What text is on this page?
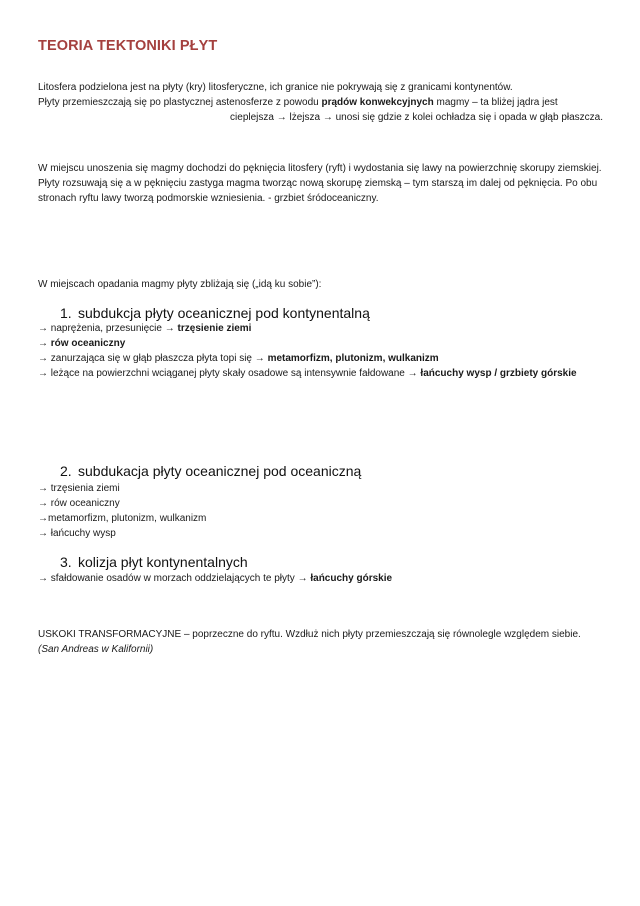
TEORIA TEKTONIKI PŁYT
Litosfera podzielona jest na płyty (kry) litosferyczne, ich granice nie pokrywają się z granicami kontynentów.
Płyty przemieszczają się po plastycznej astenosferze z powodu prądów konwekcyjnych magmy – ta bliżej jądra jest
cieplejsza → lżejsza → unosi się gdzie z kolei ochładza się i opada w głąb płaszcza.
W miejscu unoszenia się magmy dochodzi do pęknięcia litosfery (ryft) i wydostania się lawy na powierzchnię skorupy ziemskiej. Płyty rozsuwają się a w pęknięciu zastyga magma tworząc nową skorupę ziemską – tym starszą im dalej od pęknięcia. Po obu stronach ryftu lawy tworzą podmorskie wzniesienia. - grzbiet śródoceaniczny.
W miejscach opadania magmy płyty zbliżają się („idą ku sobie”):
1. subdukcja płyty oceanicznej pod kontynentalną
→ naprężenia, przesunięcie → trzęsienie ziemi
→ rów oceaniczny
→ zanurzająca się w głąb płaszcza płyta topi się → metamorfizm, plutonizm, wulkanizm
→ leżące na powierzchni wciąganej płyty skały osadowe są intensywnie fałdowane → łańcuchy wysp / grzbiety górskie
2. subdukacja płyty oceanicznej pod oceaniczną
→ trzęsienia ziemi
→ rów oceaniczny
→metamorfizm, plutonizm, wulkanizm
→ łańcuchy wysp
3. kolizja płyt kontynentalnych
→ sfałdowanie osadów w morzach oddzielających te płyty → łańcuchy górskie
USKOKI TRANSFORMACYJNE – poprzeczne do ryftu. Wzdłuż nich płyty przemieszczają się równolegle względem siebie. (San Andreas w Kalifornii)
